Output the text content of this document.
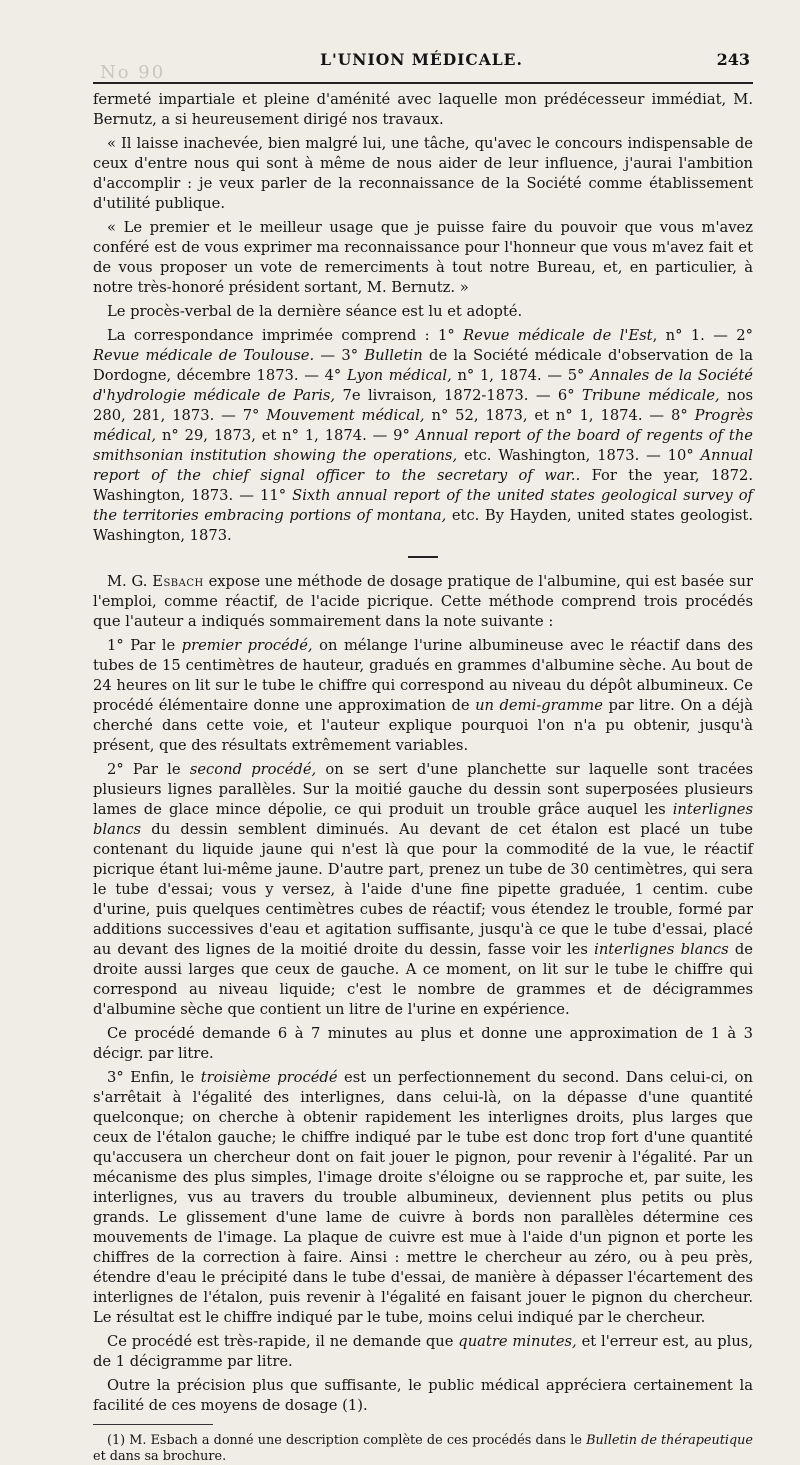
No 90
L'UNION MÉDICALE.	243

fermeté impartiale et pleine d'aménité avec laquelle mon prédécesseur immédiat, M. Bernutz, a si heureusement dirigé nos travaux.

« Il laisse inachevée, bien malgré lui, une tâche, qu'avec le concours indispensable de ceux d'entre nous qui sont à même de nous aider de leur influence, j'aurai l'ambition d'accomplir : je veux parler de la reconnaissance de la Société comme établissement d'utilité publique.

« Le premier et le meilleur usage que je puisse faire du pouvoir que vous m'avez conféré est de vous exprimer ma reconnaissance pour l'honneur que vous m'avez fait et de vous proposer un vote de remerciments à tout notre Bureau, et, en particulier, à notre très-honoré président sortant, M. Bernutz. »

Le procès-verbal de la dernière séance est lu et adopté.

La correspondance imprimée comprend : 1° Revue médicale de l'Est, n° 1. — 2° Revue médicale de Toulouse. — 3° Bulletin de la Société médicale d'observation de la Dordogne, décembre 1873. — 4° Lyon médical, n° 1, 1874. — 5° Annales de la Société d'hydrologie médicale de Paris, 7e livraison, 1872-1873. — 6° Tribune médicale, nos 280, 281, 1873. — 7° Mouvement médical, n° 52, 1873, et n° 1, 1874. — 8° Progrès médical, n° 29, 1873, et n° 1, 1874. — 9° Annual report of the board of regents of the smithsonian institution showing the operations, etc. Washington, 1873. — 10° Annual report of the chief signal officer to the secretary of war.. For the year, 1872. Washington, 1873. — 11° Sixth annual report of the united states geological survey of the territories embracing portions of montana, etc. By Hayden, united states geologist. Washington, 1873.

M. G. Esbach expose une méthode de dosage pratique de l'albumine, qui est basée sur l'emploi, comme réactif, de l'acide picrique. Cette méthode comprend trois procédés que l'auteur a indiqués sommairement dans la note suivante :

1° Par le premier procédé, on mélange l'urine albumineuse avec le réactif dans des tubes de 15 centimètres de hauteur, gradués en grammes d'albumine sèche. Au bout de 24 heures on lit sur le tube le chiffre qui correspond au niveau du dépôt albumineux. Ce procédé élémentaire donne une approximation de un demi-gramme par litre. On a déjà cherché dans cette voie, et l'auteur explique pourquoi l'on n'a pu obtenir, jusqu'à présent, que des résultats extrêmement variables.

2° Par le second procédé, on se sert d'une planchette sur laquelle sont tracées plusieurs lignes parallèles. Sur la moitié gauche du dessin sont superposées plusieurs lames de glace mince dépolie, ce qui produit un trouble grâce auquel les interlignes blancs du dessin semblent diminués. Au devant de cet étalon est placé un tube contenant du liquide jaune qui n'est là que pour la commodité de la vue, le réactif picrique étant lui-même jaune. D'autre part, prenez un tube de 30 centimètres, qui sera le tube d'essai; vous y versez, à l'aide d'une fine pipette graduée, 1 centim. cube d'urine, puis quelques centimètres cubes de réactif; vous étendez le trouble, formé par additions successives d'eau et agitation suffisante, jusqu'à ce que le tube d'essai, placé au devant des lignes de la moitié droite du dessin, fasse voir les interlignes blancs de droite aussi larges que ceux de gauche. A ce moment, on lit sur le tube le chiffre qui correspond au niveau liquide; c'est le nombre de grammes et de décigrammes d'albumine sèche que contient un litre de l'urine en expérience.

Ce procédé demande 6 à 7 minutes au plus et donne une approximation de 1 à 3 décigr. par litre.

3° Enfin, le troisième procédé est un perfectionnement du second. Dans celui-ci, on s'arrêtait à l'égalité des interlignes, dans celui-là, on la dépasse d'une quantité quelconque; on cherche à obtenir rapidement les interlignes droits, plus larges que ceux de l'étalon gauche; le chiffre indiqué par le tube est donc trop fort d'une quantité qu'accusera un chercheur dont on fait jouer le pignon, pour revenir à l'égalité. Par un mécanisme des plus simples, l'image droite s'éloigne ou se rapproche et, par suite, les interlignes, vus au travers du trouble albumineux, deviennent plus petits ou plus grands. Le glissement d'une lame de cuivre à bords non parallèles détermine ces mouvements de l'image. La plaque de cuivre est mue à l'aide d'un pignon et porte les chiffres de la correction à faire. Ainsi : mettre le chercheur au zéro, ou à peu près, étendre d'eau le précipité dans le tube d'essai, de manière à dépasser l'écartement des interlignes de l'étalon, puis revenir à l'égalité en faisant jouer le pignon du chercheur. Le résultat est le chiffre indiqué par le tube, moins celui indiqué par le chercheur.

Ce procédé est très-rapide, il ne demande que quatre minutes, et l'erreur est, au plus, de 1 décigramme par litre.

Outre la précision plus que suffisante, le public médical appréciera certainement la facilité de ces moyens de dosage (1).

(1) M. Esbach a donné une description complète de ces procédés dans le Bulletin de thérapeutique et dans sa brochure.
